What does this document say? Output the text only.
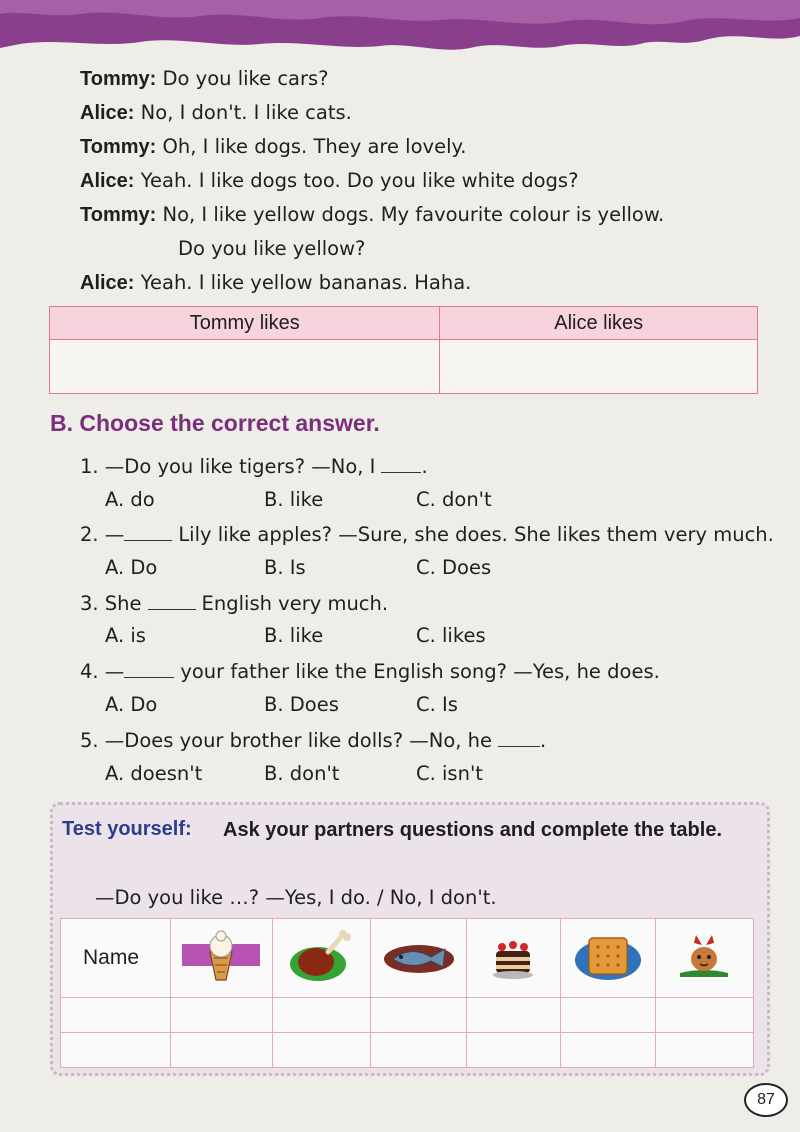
Tommy: Do you like cars?
Alice: No, I don't. I like cats.
Tommy: Oh, I like dogs. They are lovely.
Alice: Yeah. I like dogs too. Do you like white dogs?
Tommy: No, I like yellow dogs. My favourite colour is yellow.
Do you like yellow?
Alice: Yeah. I like yellow bananas. Haha.
Tommy likes	Alice likes

B. Choose the correct answer.
1. —Do you like tigers? —No, I .
A. do	B. like	C. don't
2. —	Lily like apples? —Sure, she does. She likes them very much.
A. Do	B. Is	C. Does
3. She	English very much.
A. is	B. like	C. likes
4. —	your father like the English song? —Yes, he does.
A. Do	B. Does	C. Is
5. —Does your brother like dolls? —No, he .
A. doesn't	B. don't	C. isn't
Test yourself: Ask your partners questions and complete the table.
—Do you like …? —Yes, I do. / No, I don't.
Name						

87
